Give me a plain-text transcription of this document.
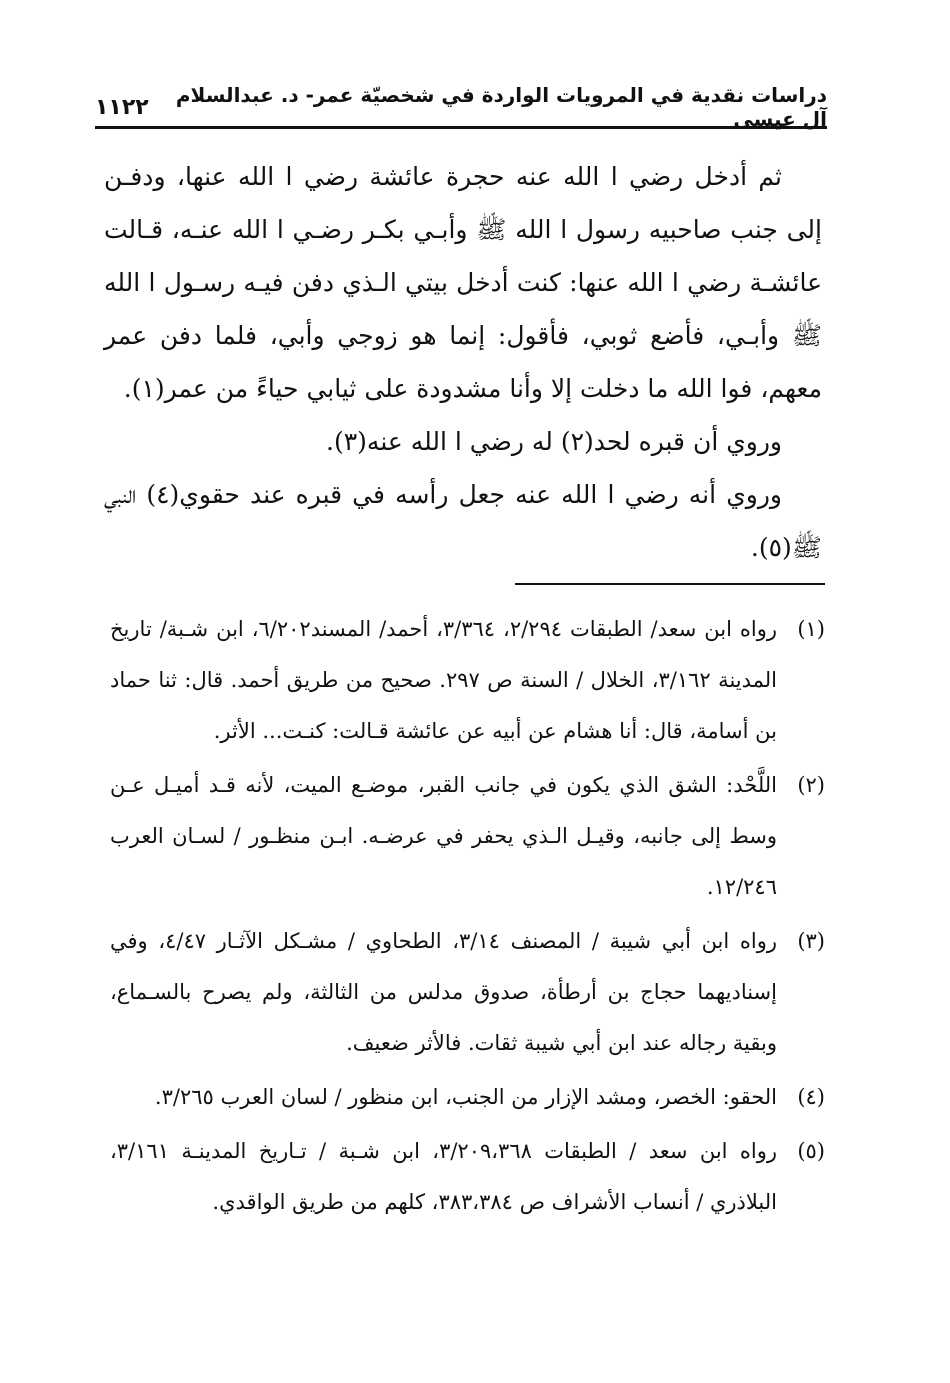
دراسات نقدية في المرويات الواردة في شخصيّة عمر- د. عبدالسلام آل عيسى
١١٢٢

ثم أدخل رضي ا الله عنه حجرة عائشة رضي ا الله عنها، ودفـن إلى جنب صاحبيه رسول ا الله ﷺ وأبـي بكـر رضـي ا الله عنـه، قـالت عائشـة رضي ا الله عنها: كنت أدخل بيتي الـذي دفن فيـه رسـول ا الله ﷺ وأبـي، فأضع ثوبي، فأقول: إنما هو زوجي وأبي، فلما دفن عمر معهم، فوا الله ما دخلت إلا وأنا مشدودة على ثيابي حياءً من عمر(١).

وروي أن قبره لحد(٢) له رضي ا الله عنه(٣).

وروي أنه رضي ا الله عنه جعل رأسه في قبره عند حقوي(٤) النبي ﷺ(٥).

(١)
رواه ابن سعد/ الطبقات ٢/٢٩٤، ٣/٣٦٤، أحمد/ المسند٦/٢٠٢، ابن شـبة/ تاريخ المدينة ٣/١٦٢، الخلال / السنة ص ٢٩٧. صحيح من طريق أحمد. قال: ثنا حماد بن أسامة، قال: أنا هشام عن أبيه عن عائشة قـالت: كنـت... الأثر.
(٢)
اللَّحْد: الشق الذي يكون في جانب القبر، موضـع الميت، لأنه قـد أميـل عـن وسط إلى جانبه، وقيـل الـذي يحفر في عرضـه. ابـن منظـور / لسـان العرب ١٢/٢٤٦.
(٣)
رواه ابن أبي شيبة / المصنف ٣/١٤، الطحاوي / مشـكل الآثـار ٤/٤٧، وفي إسناديهما حجاج بن أرطأة، صدوق مدلس من الثالثة، ولم يصرح بالسـماع، وبقية رجاله عند ابن أبي شيبة ثقات. فالأثر ضعيف.
(٤)
الحقو: الخصر، ومشد الإزار من الجنب، ابن منظور / لسان العرب ٣/٢٦٥.
(٥)
رواه ابن سعد / الطبقات ٣/٢٠٩،٣٦٨، ابن شـبة / تـاريخ المدينـة ٣/١٦١، البلاذري / أنساب الأشراف ص ٣٨٣،٣٨٤، كلهم من طريق الواقدي.
